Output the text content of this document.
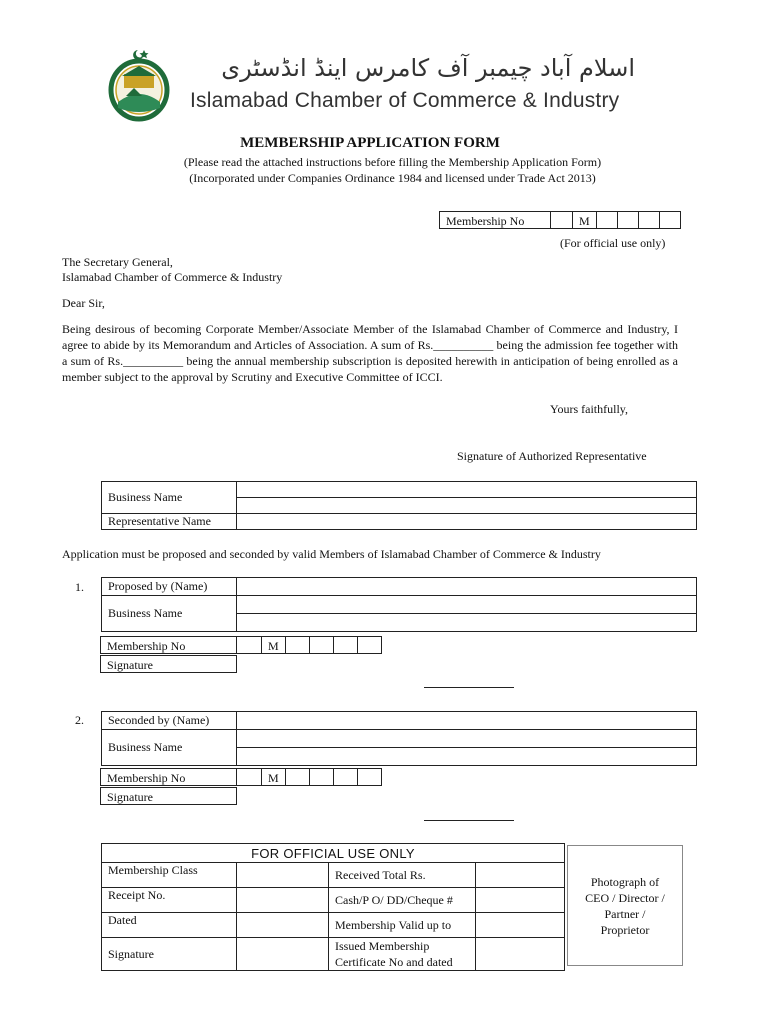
اسلام آباد چیمبر آف کامرس اینڈ انڈسٹری
Islamabad Chamber of Commerce & Industry
MEMBERSHIP APPLICATION FORM
(Please read the attached instructions before filling the Membership Application Form)
(Incorporated under Companies Ordinance 1984 and licensed under Trade Act 2013)
Membership No	M
(For official use only)
The Secretary General,
Islamabad Chamber of Commerce & Industry
Dear Sir,

Being desirous of becoming Corporate Member/Associate Member of the Islamabad Chamber of Commerce and Industry, I agree to abide by its Memorandum and Articles of Association. A sum of Rs.__________ being the admission fee together with a sum of Rs.__________ being the annual membership subscription is deposited herewith in anticipation of being enrolled as a member subject to the approval by Scrutiny and Executive Committee of ICCI.

Yours faithfully,
Signature of Authorized Representative
Business Name	

Representative Name	
Application must be proposed and seconded by valid Members of Islamabad Chamber of Commerce & Industry
1. Proposed by (Name)	
Business Name	

Membership No	M
Signature
2. Seconded by (Name)	
Business Name	

Membership No	M
Signature
FOR OFFICIAL USE ONLY			
Membership Class		Received Total Rs.	
Receipt No.		Cash/P O/ DD/Cheque #	
Dated		Membership Valid up to	
Signature		Issued Membership
Certificate No and dated	
Photograph of
CEO / Director /
Partner /
Proprietor
